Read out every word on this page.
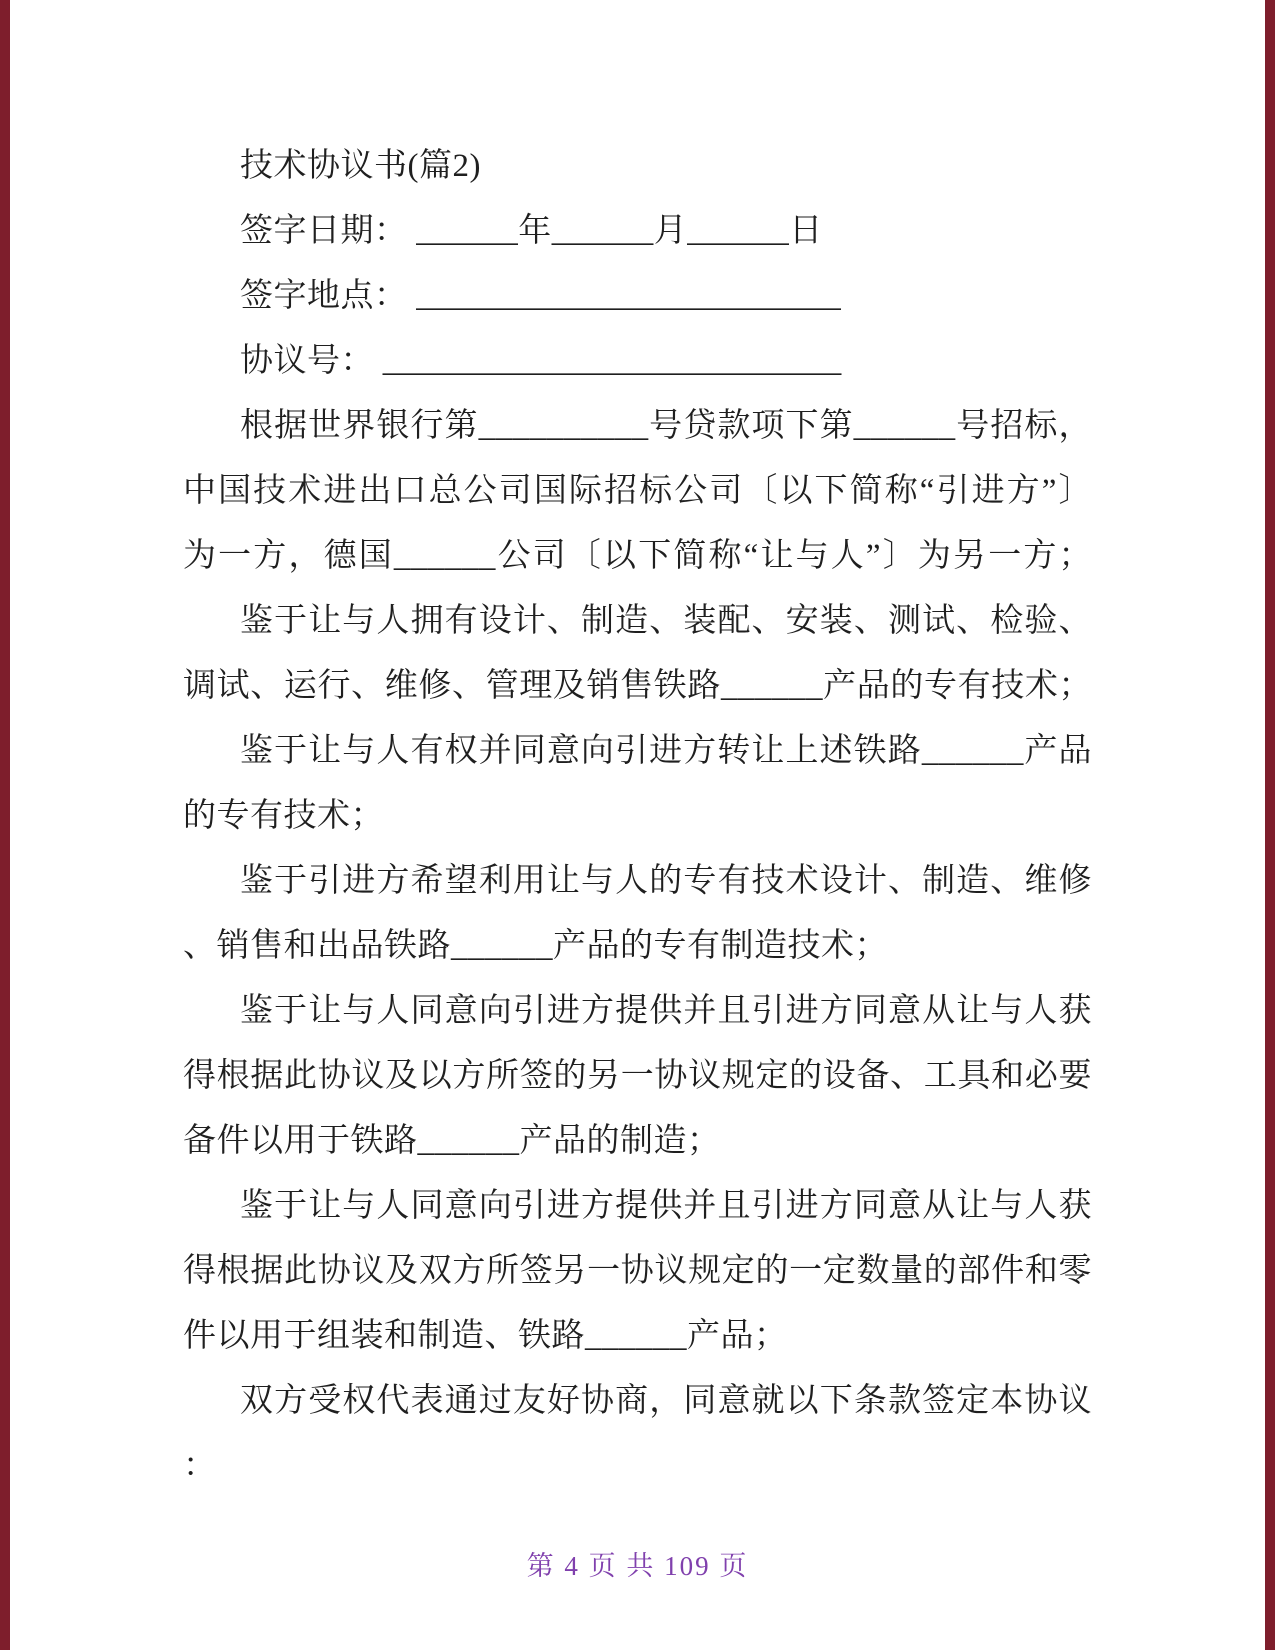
技术协议书(篇2)
签字日期： ______年______月______日
签字地点： _________________________
协议号： ___________________________
根据世界银行第__________号贷款项下第______号招标，
中国技术进出口总公司国际招标公司〔以下简称“引进方”〕
为一方，德国______公司〔以下简称“让与人”〕为另一方；
鉴于让与人拥有设计、制造、装配、安装、测试、检验、
调试、运行、维修、管理及销售铁路______产品的专有技术；
鉴于让与人有权并同意向引进方转让上述铁路______产品
的专有技术；
鉴于引进方希望利用让与人的专有技术设计、制造、维修
、销售和出品铁路______产品的专有制造技术；
鉴于让与人同意向引进方提供并且引进方同意从让与人获
得根据此协议及以方所签的另一协议规定的设备、工具和必要
备件以用于铁路______产品的制造；
鉴于让与人同意向引进方提供并且引进方同意从让与人获
得根据此协议及双方所签另一协议规定的一定数量的部件和零
件以用于组装和制造、铁路______产品；
双方受权代表通过友好协商，同意就以下条款签定本协议
：
第 4 页 共 109 页
